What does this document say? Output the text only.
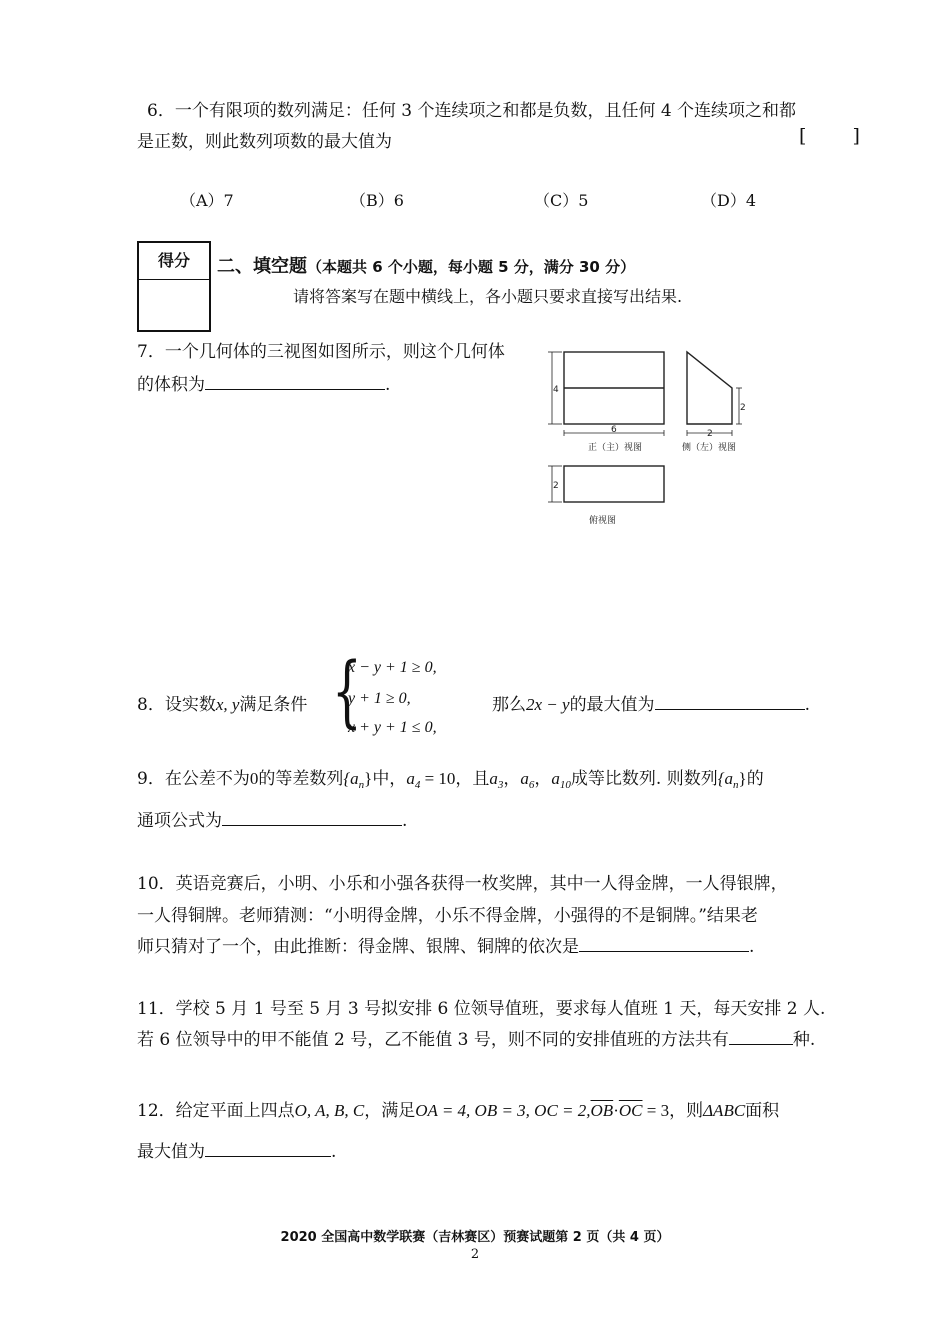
6．一个有限项的数列满足：任何 3 个连续项之和都是负数，且任何 4 个连续项之和都
是正数，则此数列项数的最大值为	[ ]
（A）7	（B）6	（C）5	（D）4
得分	二、填空题（本题共 6 个小题，每小题 5 分，满分 30 分）
请将答案写在题中横线上，各小题只要求直接写出结果.
7．一个几何体的三视图如图所示，则这个几何体
的体积为	.	4
6
2
2
2
正（主）视图	侧（左）视图
俯视图
8．设实数x, y满足条件 {
x − y + 1 ≥ 0,
y + 1 ≥ 0,
x + y + 1 ≤ 0,
那么2x − y的最大值为	.
9．在公差不为0的等差数列$\{a_n\}$中，$a_4 = 10$，且$a_3$，$a_6$，$a_{10}$成等比数列. 则数列$\{a_n\}$的
通项公式为	.
10．英语竞赛后，小明、小乐和小强各获得一枚奖牌，其中一人得金牌，一人得银牌，
一人得铜牌。老师猜测：“小明得金牌，小乐不得金牌，小强得的不是铜牌。”结果老
师只猜对了一个，由此推断：得金牌、银牌、铜牌的依次是	.
11．学校 5 月 1 号至 5 月 3 号拟安排 6 位领导值班，要求每人值班 1 天，每天安排 2 人.
若 6 位领导中的甲不能值 2 号，乙不能值 3 号，则不同的安排值班的方法共有	种.
12．给定平面上四点O, A, B, C，满足OA = 4, OB = 3, OC = $2,\overline{OB}\cdot\overline{OC} = 3$，则ΔABC面积
最大值为	.
2020 全国高中数学联赛（吉林赛区）预赛试题第 2 页（共 4 页）
2
